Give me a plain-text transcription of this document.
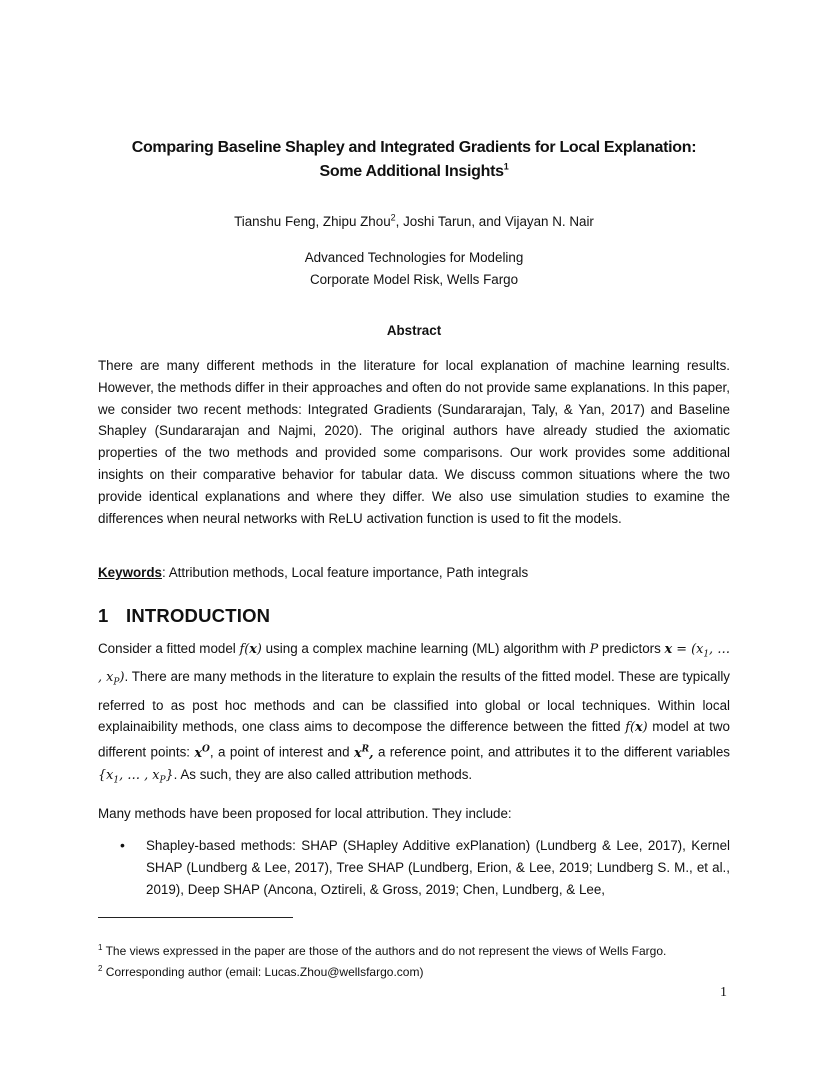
Comparing Baseline Shapley and Integrated Gradients for Local Explanation:
Some Additional Insights$^1$
Tianshu Feng, Zhipu Zhou$^2$, Joshi Tarun, and Vijayan N. Nair
Advanced Technologies for Modeling
Corporate Model Risk, Wells Fargo
Abstract
There are many different methods in the literature for local explanation of machine learning results. However, the methods differ in their approaches and often do not provide same explanations. In this paper, we consider two recent methods: Integrated Gradients (Sundararajan, Taly, & Yan, 2017) and Baseline Shapley (Sundararajan and Najmi, 2020). The original authors have already studied the axiomatic properties of the two methods and provided some comparisons. Our work provides some additional insights on their comparative behavior for tabular data. We discuss common situations where the two provide identical explanations and where they differ. We also use simulation studies to examine the differences when neural networks with ReLU activation function is used to fit the models.
Keywords: Attribution methods, Local feature importance, Path integrals
1 INTRODUCTION
Consider a fitted model f(x) using a complex machine learning (ML) algorithm with P predictors $x = (x_1$, … , $x_P$). There are many methods in the literature to explain the results of the fitted model. These are typically referred to as post hoc methods and can be classified into global or local techniques. Within local explainaibility methods, one class aims to decompose the difference between the fitted f(x) model at two different points: $x^O$, a point of interest and $x^R$, a reference point, and attributes it to the different variables {$x_1$, … , $x_P$}. As such, they are also called attribution methods.
Many methods have been proposed for local attribution. They include:
• Shapley-based methods: SHAP (SHapley Additive exPlanation) (Lundberg & Lee, 2017), Kernel SHAP (Lundberg & Lee, 2017), Tree SHAP (Lundberg, Erion, & Lee, 2019; Lundberg S. M., et al., 2019), Deep SHAP (Ancona, Oztireli, & Gross, 2019; Chen, Lundberg, & Lee,
$^1$ The views expressed in the paper are those of the authors and do not represent the views of Wells Fargo.
$^2$ Corresponding author (email: Lucas.Zhou@wellsfargo.com)
1
